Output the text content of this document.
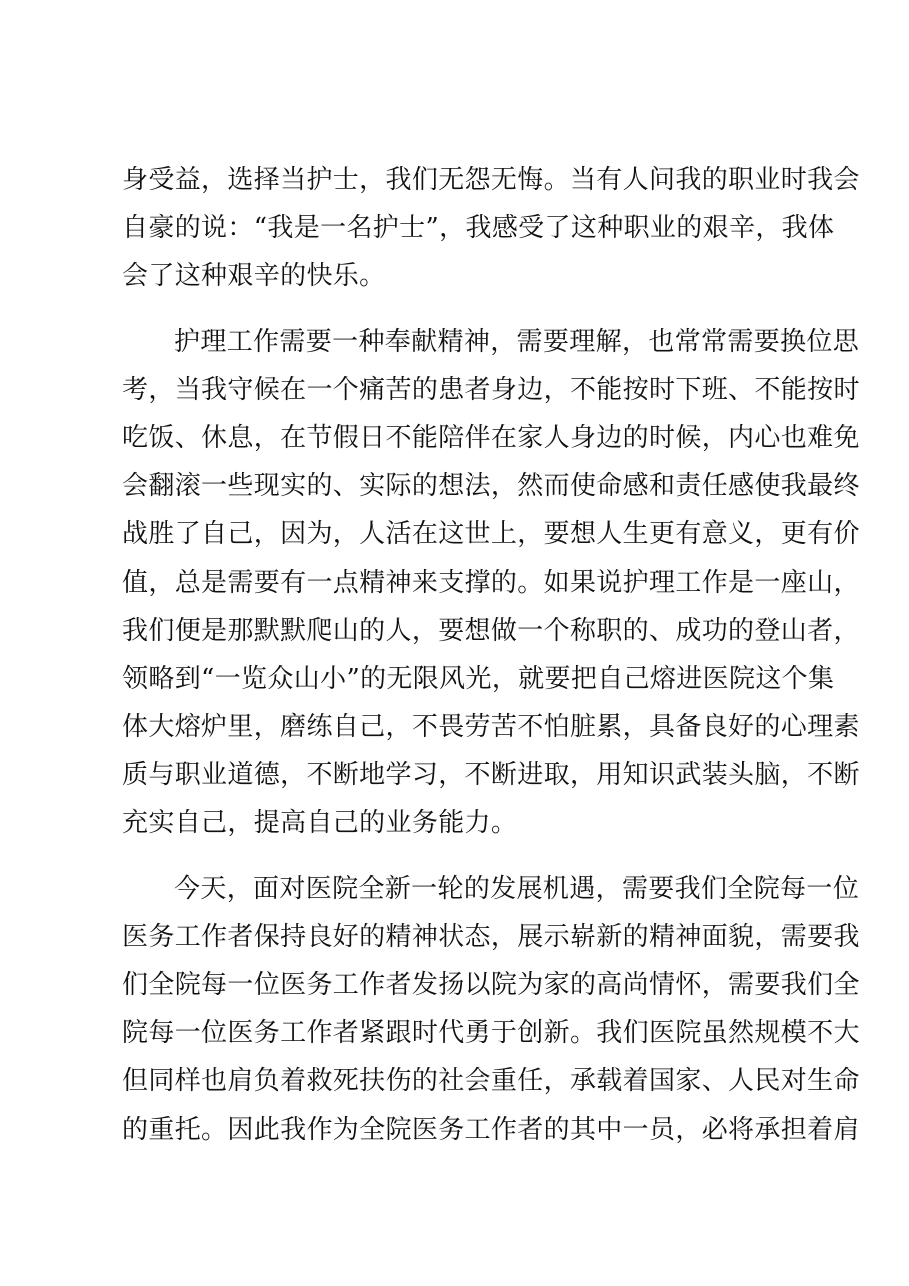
身受益，选择当护士，我们无怨无悔。当有人问我的职业时我会
自豪的说：“我是一名护士”，我感受了这种职业的艰辛，我体
会了这种艰辛的快乐。
护理工作需要一种奉献精神，需要理解，也常常需要换位思
考，当我守候在一个痛苦的患者身边，不能按时下班、不能按时
吃饭、休息，在节假日不能陪伴在家人身边的时候，内心也难免
会翻滚一些现实的、实际的想法，然而使命感和责任感使我最终
战胜了自己，因为，人活在这世上，要想人生更有意义，更有价
值，总是需要有一点精神来支撑的。如果说护理工作是一座山，
我们便是那默默爬山的人，要想做一个称职的、成功的登山者，
领略到“一览众山小”的无限风光，就要把自己熔进医院这个集
体大熔炉里，磨练自己，不畏劳苦不怕脏累，具备良好的心理素
质与职业道德，不断地学习，不断进取，用知识武装头脑，不断
充实自己，提高自己的业务能力。
今天，面对医院全新一轮的发展机遇，需要我们全院每一位
医务工作者保持良好的精神状态，展示崭新的精神面貌，需要我
们全院每一位医务工作者发扬以院为家的高尚情怀，需要我们全
院每一位医务工作者紧跟时代勇于创新。我们医院虽然规模不大
但同样也肩负着救死扶伤的社会重任，承载着国家、人民对生命
的重托。因此我作为全院医务工作者的其中一员，必将承担着肩
